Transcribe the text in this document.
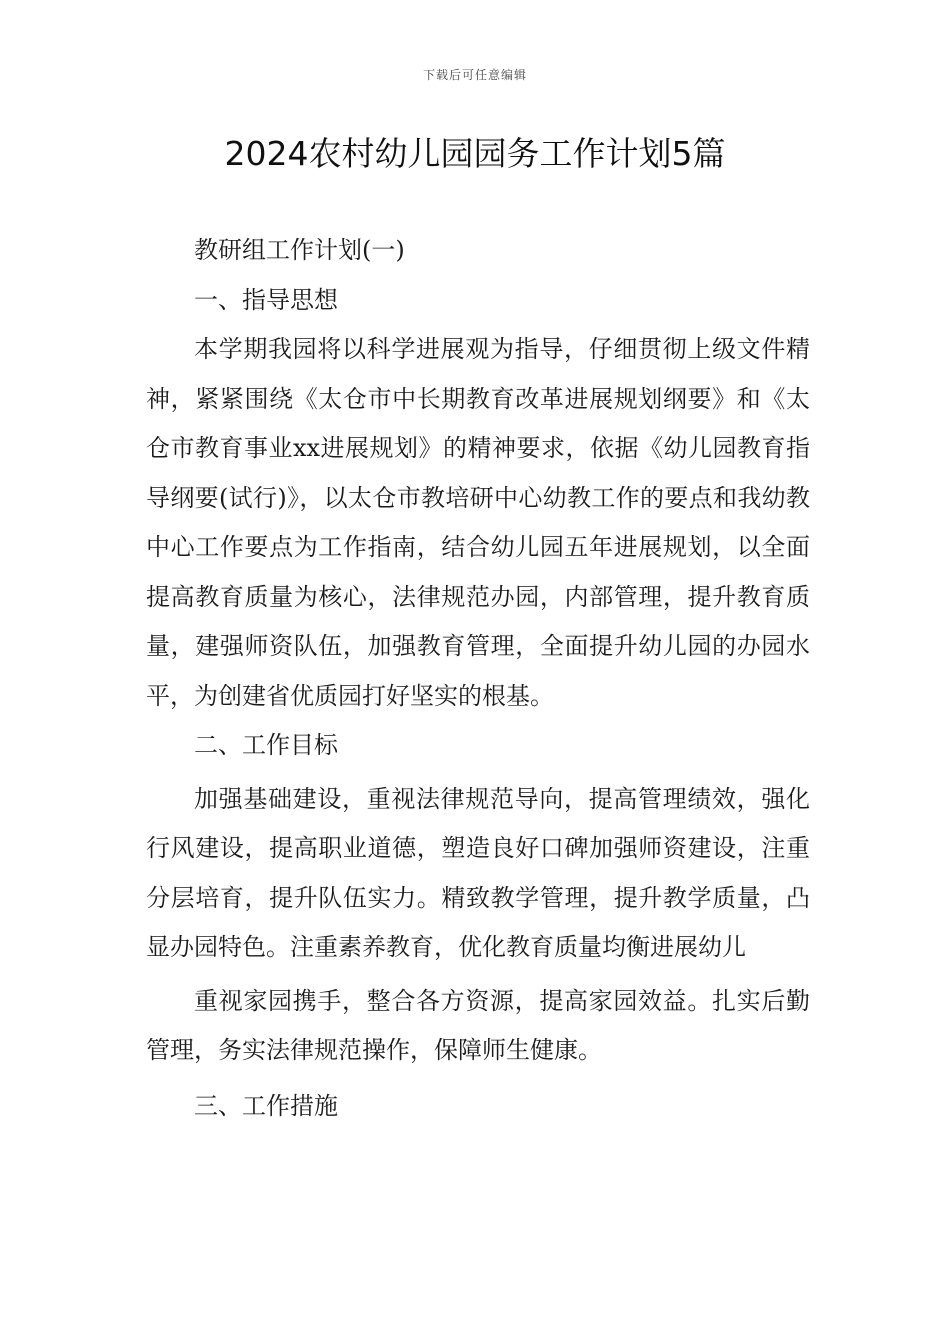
下载后可任意编辑
2024农村幼儿园园务工作计划5篇

教研组工作计划(一)

一、指导思想

本学期我园将以科学进展观为指导，仔细贯彻上级文件精神，紧紧围绕《太仓市中长期教育改革进展规划纲要》和《太仓市教育事业xx进展规划》的精神要求，依据《幼儿园教育指导纲要(试行)》，以太仓市教培研中心幼教工作的要点和我幼教中心工作要点为工作指南，结合幼儿园五年进展规划，以全面提高教育质量为核心，法律规范办园，内部管理，提升教育质量，建强师资队伍，加强教育管理，全面提升幼儿园的办园水平，为创建省优质园打好坚实的根基。

二、工作目标

加强基础建设，重视法律规范导向，提高管理绩效，强化行风建设，提高职业道德，塑造良好口碑加强师资建设，注重分层培育，提升队伍实力。精致教学管理，提升教学质量，凸显办园特色。注重素养教育，优化教育质量均衡进展幼儿

重视家园携手，整合各方资源，提高家园效益。扎实后勤管理，务实法律规范操作，保障师生健康。

三、工作措施
